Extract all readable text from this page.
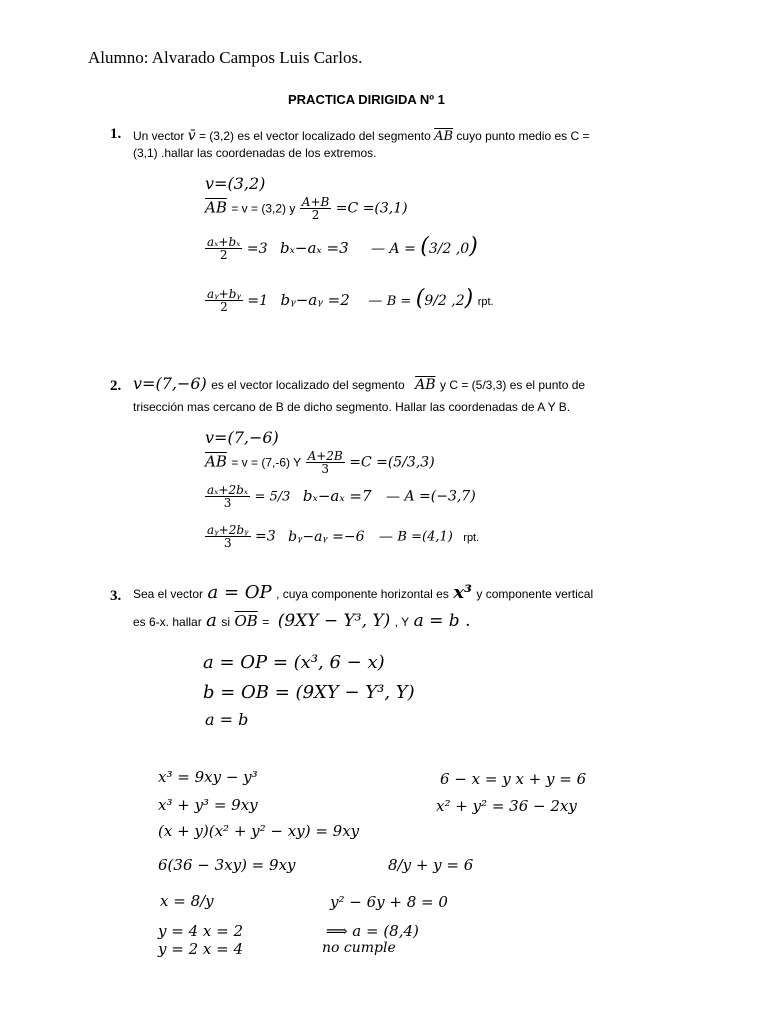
Alumno: Alvarado Campos Luis Carlos.
PRACTICA DIRIGIDA Nº 1
1. Un vector v̄ = (3,2) es el vector localizado del segmento $\overline{AB}$ cuyo punto medio es C =
(3,1) .hallar las coordenadas de los extremos.
v=(3,2)
$\overline{AB} = v = (3,2)$ y $\frac{A+B}{2} =C =(3,1)$
$\frac{\text{aₓ+bₓ}}{2} =3$ bₓ−aₓ =3 — A = (3/2 ,0)
$\frac{\text{aᵧ+bᵧ}}{2} =1$ bᵧ−aᵧ =2 — B = (9/2 ,2) rpt.
2. v=(7,−6) es el vector localizado del segmento $\overline{AB}$ y C = (5/3,3) es el punto de
trisección mas cercano de B de dicho segmento. Hallar las coordenadas de A Y B.
v=(7,−6)
$\overline{AB} = v = (7,-6)$ Y $\frac{A+2B}{3} =C =(5/3,3)$
$\frac{\text{aₓ+2bₓ}}{3} = 5/3$ bₓ−aₓ =7 — A =(−3,7)
$\frac{\text{aᵧ+2bᵧ}}{3} =3$ bᵧ−aᵧ =−6 — B =(4,1) rpt.
3. Sea el vector a = OP , cuya componente horizontal es x³ y componente vertical
es 6-x. hallar a si $\overline{OB} = (9XY - Y^3$, Y) , Y a = b .
a = OP = (x³, 6 − x)
b = OB = (9XY − Y³, Y)
a = b
x³ = 9xy − y³
x³ + y³ = 9xy
(x + y)(x² + y² − xy) = 9xy
6(36 − 3xy) = 9xy
x = 8/y
y = 4 x = 2
y = 2 x = 4
6 − x = y x + y = 6
x² + y² = 36 − 2xy
8/y + y = 6
y² − 6y + 8 = 0
⟹ a = (8,4)
no cumple
